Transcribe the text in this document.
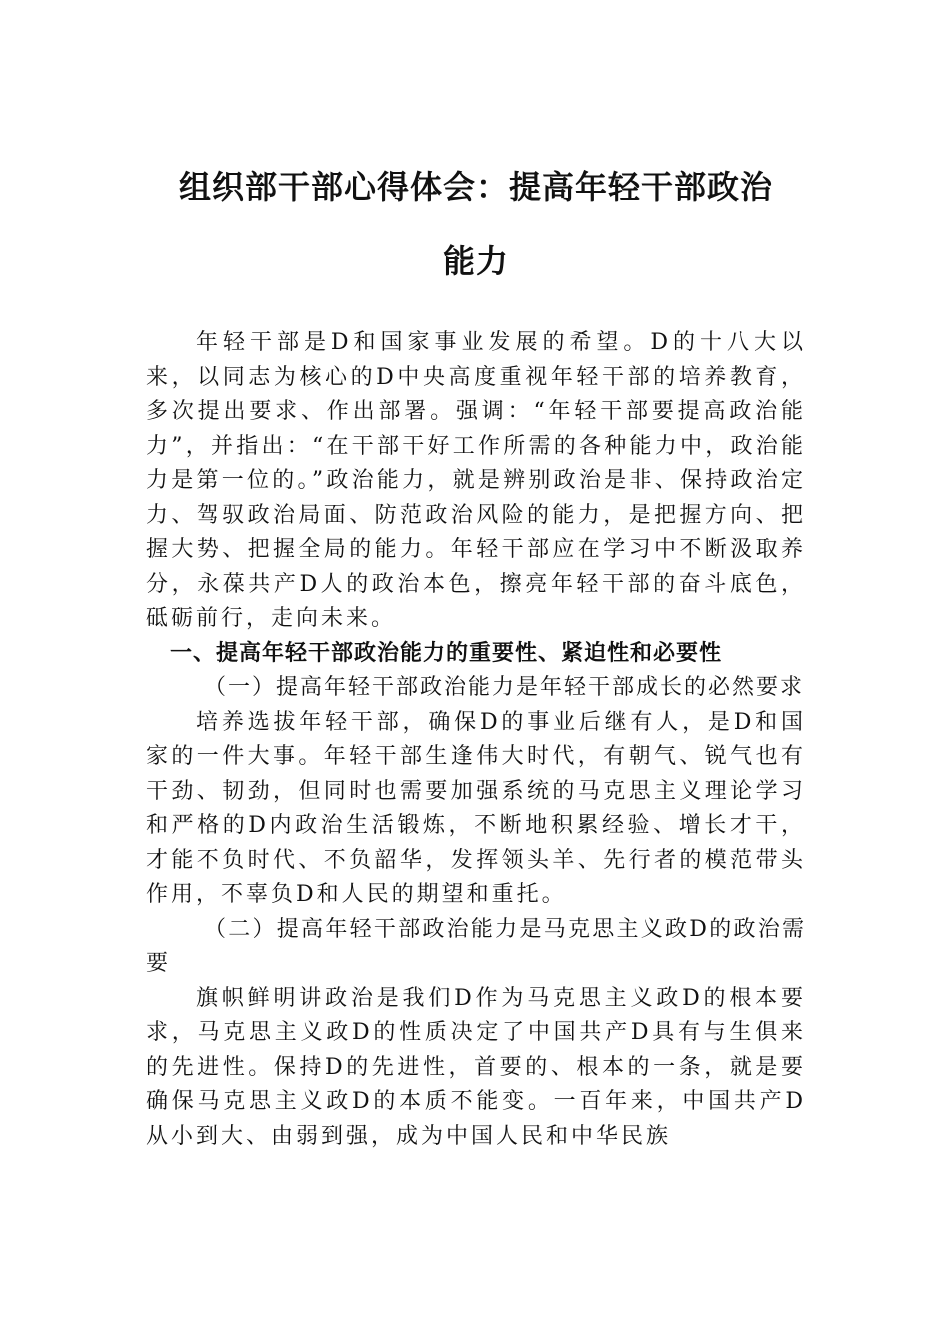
组织部干部心得体会：提高年轻干部政治
能力

年轻干部是D和国家事业发展的希望。D的十八大以来，以同志为核心的D中央高度重视年轻干部的培养教育，多次提出要求、作出部署。强调：“年轻干部要提高政治能力”，并指出：“在干部干好工作所需的各种能力中，政治能力是第一位的。”政治能力，就是辨别政治是非、保持政治定力、驾驭政治局面、防范政治风险的能力，是把握方向、把握大势、把握全局的能力。年轻干部应在学习中不断汲取养分，永葆共产D人的政治本色，擦亮年轻干部的奋斗底色，砥砺前行，走向未来。

一、提高年轻干部政治能力的重要性、紧迫性和必要性

（一）提高年轻干部政治能力是年轻干部成长的必然要求

培养选拔年轻干部，确保D的事业后继有人，是D和国家的一件大事。年轻干部生逢伟大时代，有朝气、锐气也有干劲、韧劲，但同时也需要加强系统的马克思主义理论学习和严格的D内政治生活锻炼，不断地积累经验、增长才干，才能不负时代、不负韶华，发挥领头羊、先行者的模范带头作用，不辜负D和人民的期望和重托。

（二）提高年轻干部政治能力是马克思主义政D的政治需要

旗帜鲜明讲政治是我们D作为马克思主义政D的根本要求，马克思主义政D的性质决定了中国共产D具有与生俱来的先进性。保持D的先进性，首要的、根本的一条，就是要确保马克思主义政D的本质不能变。一百年来，中国共产D从小到大、由弱到强，成为中国人民和中华民族
